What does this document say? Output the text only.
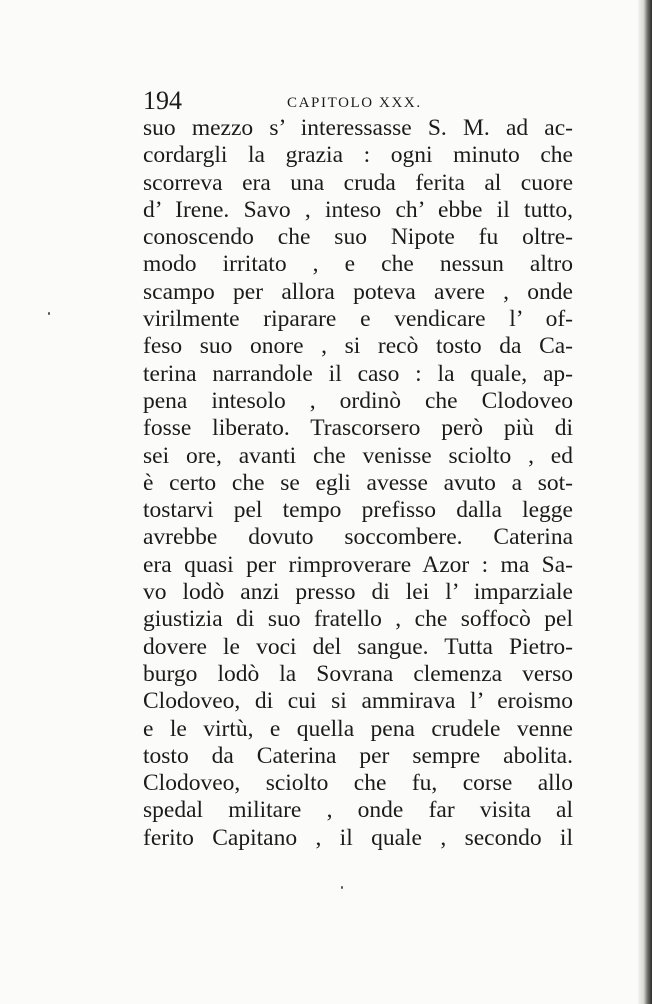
194	CAPITOLO XXX.
suo mezzo s’ interessasse S. M. ad ac-
cordargli la grazia : ogni minuto che
scorreva era una cruda ferita al cuore
d’ Irene. Savo , inteso ch’ ebbe il tutto,
conoscendo che suo Nipote fu oltre-
modo irritato , e che nessun altro
scampo per allora poteva avere , onde
virilmente riparare e vendicare l’ of-
feso suo onore , si recò tosto da Ca-
terina narrandole il caso : la quale, ap-
pena intesolo , ordinò che Clodoveo
fosse liberato. Trascorsero però più di
sei ore, avanti che venisse sciolto , ed
è certo che se egli avesse avuto a sot-
tostarvi pel tempo prefisso dalla legge
avrebbe dovuto soccombere. Caterina
era quasi per rimproverare Azor : ma Sa-
vo lodò anzi presso di lei l’ imparziale
giustizia di suo fratello , che soffocò pel
dovere le voci del sangue. Tutta Pietro-
burgo lodò la Sovrana clemenza verso
Clodoveo, di cui si ammirava l’ eroismo
e le virtù, e quella pena crudele venne
tosto da Caterina per sempre abolita.
Clodoveo, sciolto che fu, corse allo
spedal militare , onde far visita al
ferito Capitano , il quale , secondo il
